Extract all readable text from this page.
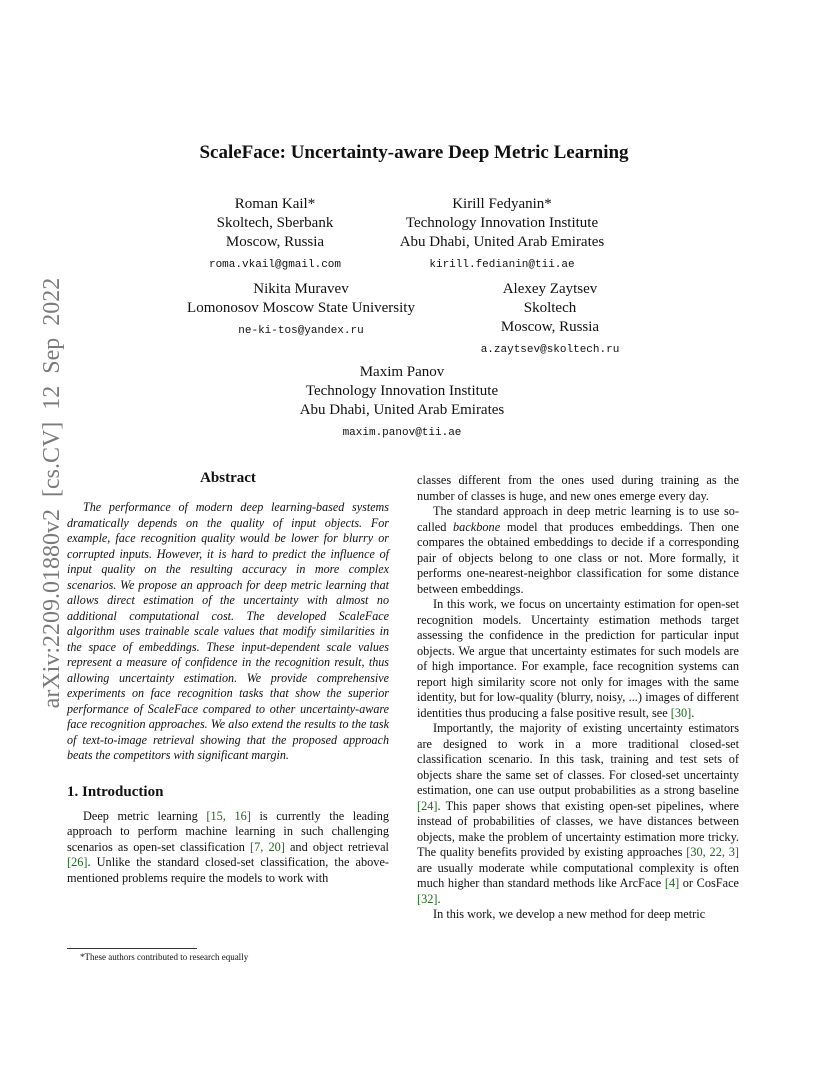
arXiv:2209.01880v2 [cs.CV] 12 Sep 2022
ScaleFace: Uncertainty-aware Deep Metric Learning
Roman Kail*
Skoltech, Sberbank
Moscow, Russia
roma.vkail@gmail.com
Kirill Fedyanin*
Technology Innovation Institute
Abu Dhabi, United Arab Emirates
kirill.fedianin@tii.ae
Nikita Muravev
Lomonosov Moscow State University
ne-ki-tos@yandex.ru
Alexey Zaytsev
Skoltech
Moscow, Russia
a.zaytsev@skoltech.ru
Maxim Panov
Technology Innovation Institute
Abu Dhabi, United Arab Emirates
maxim.panov@tii.ae
Abstract

The performance of modern deep learning-based systems dramatically depends on the quality of input objects. For example, face recognition quality would be lower for blurry or corrupted inputs. However, it is hard to predict the influence of input quality on the resulting accuracy in more complex scenarios. We propose an approach for deep metric learning that allows direct estimation of the uncertainty with almost no additional computational cost. The developed ScaleFace algorithm uses trainable scale values that modify similarities in the space of embeddings. These input-dependent scale values represent a measure of confidence in the recognition result, thus allowing uncertainty estimation. We provide comprehensive experiments on face recognition tasks that show the superior performance of ScaleFace compared to other uncertainty-aware face recognition approaches. We also extend the results to the task of text-to-image retrieval showing that the proposed approach beats the competitors with significant margin.

1. Introduction

Deep metric learning [15, 16] is currently the leading approach to perform machine learning in such challenging scenarios as open-set classification [7, 20] and object retrieval [26]. Unlike the standard closed-set classification, the above-mentioned problems require the models to work with

classes different from the ones used during training as the number of classes is huge, and new ones emerge every day.

The standard approach in deep metric learning is to use so-called backbone model that produces embeddings. Then one compares the obtained embeddings to decide if a corresponding pair of objects belong to one class or not. More formally, it performs one-nearest-neighbor classification for some distance between embeddings.

In this work, we focus on uncertainty estimation for open-set recognition models. Uncertainty estimation methods target assessing the confidence in the prediction for particular input objects. We argue that uncertainty estimates for such models are of high importance. For example, face recognition systems can report high similarity score not only for images with the same identity, but for low-quality (blurry, noisy, ...) images of different identities thus producing a false positive result, see [30].

Importantly, the majority of existing uncertainty estimators are designed to work in a more traditional closed-set classification scenario. In this task, training and test sets of objects share the same set of classes. For closed-set uncertainty estimation, one can use output probabilities as a strong baseline [24]. This paper shows that existing open-set pipelines, where instead of probabilities of classes, we have distances between objects, make the problem of uncertainty estimation more tricky. The quality benefits provided by existing approaches [30, 22, 3] are usually moderate while computational complexity is often much higher than standard methods like ArcFace [4] or CosFace [32].

In this work, we develop a new method for deep metric

*These authors contributed to research equally
